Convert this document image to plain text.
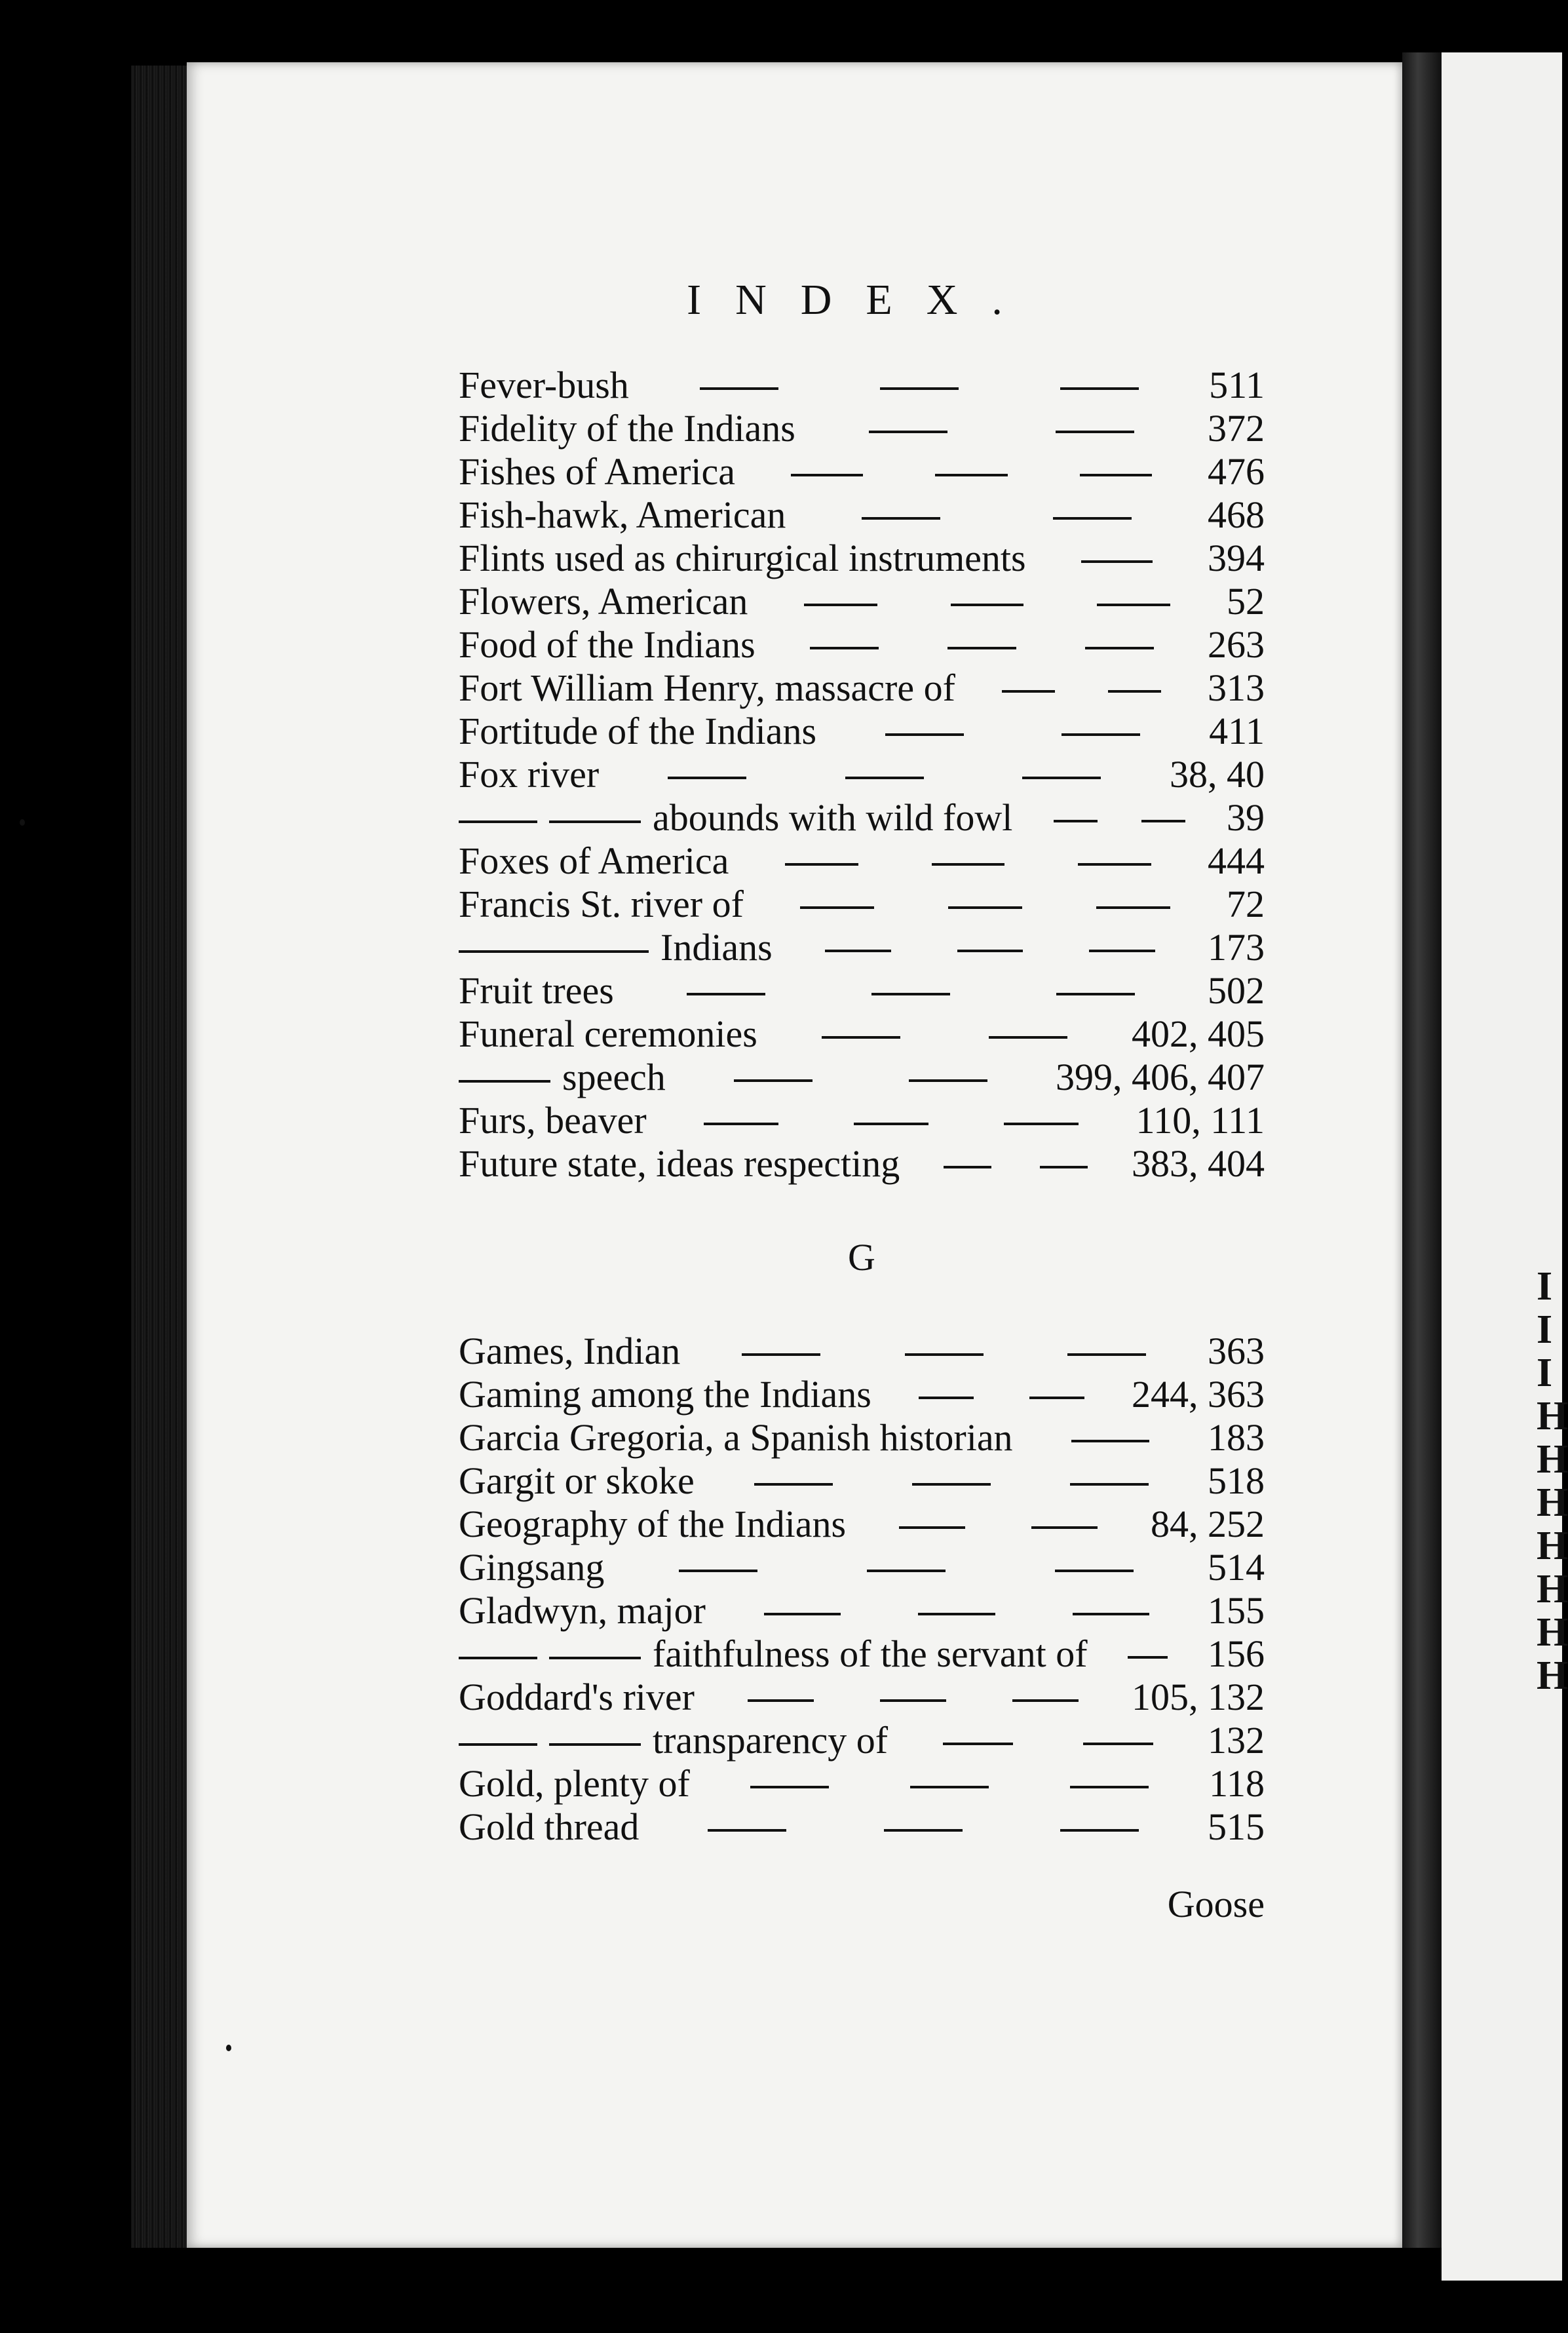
I
I
I
H
H
H
H
H
H
H
INDEX.
Fever-bush	511
Fidelity of the Indians	372
Fishes of America	476
Fish-hawk, American	468
Flints used as chirurgical instruments	394
Flowers, American	52
Food of the Indians	263
Fort William Henry, massacre of	313
Fortitude of the Indians	411
Fox river	38, 40
abounds with wild fowl	39
Foxes of America	444
Francis St. river of	72
Indians	173
Fruit trees	502
Funeral ceremonies	402, 405
speech	399, 406, 407
Furs, beaver	110, 111
Future state, ideas respecting	383, 404
G
Games, Indian	363
Gaming among the Indians	244, 363
Garcia Gregoria, a Spanish historian	183
Gargit or skoke	518
Geography of the Indians	84, 252
Gingsang	514
Gladwyn, major	155
faithfulness of the servant of	156
Goddard's river	105, 132
transparency of	132
Gold, plenty of	118
Gold thread	515
Goose
